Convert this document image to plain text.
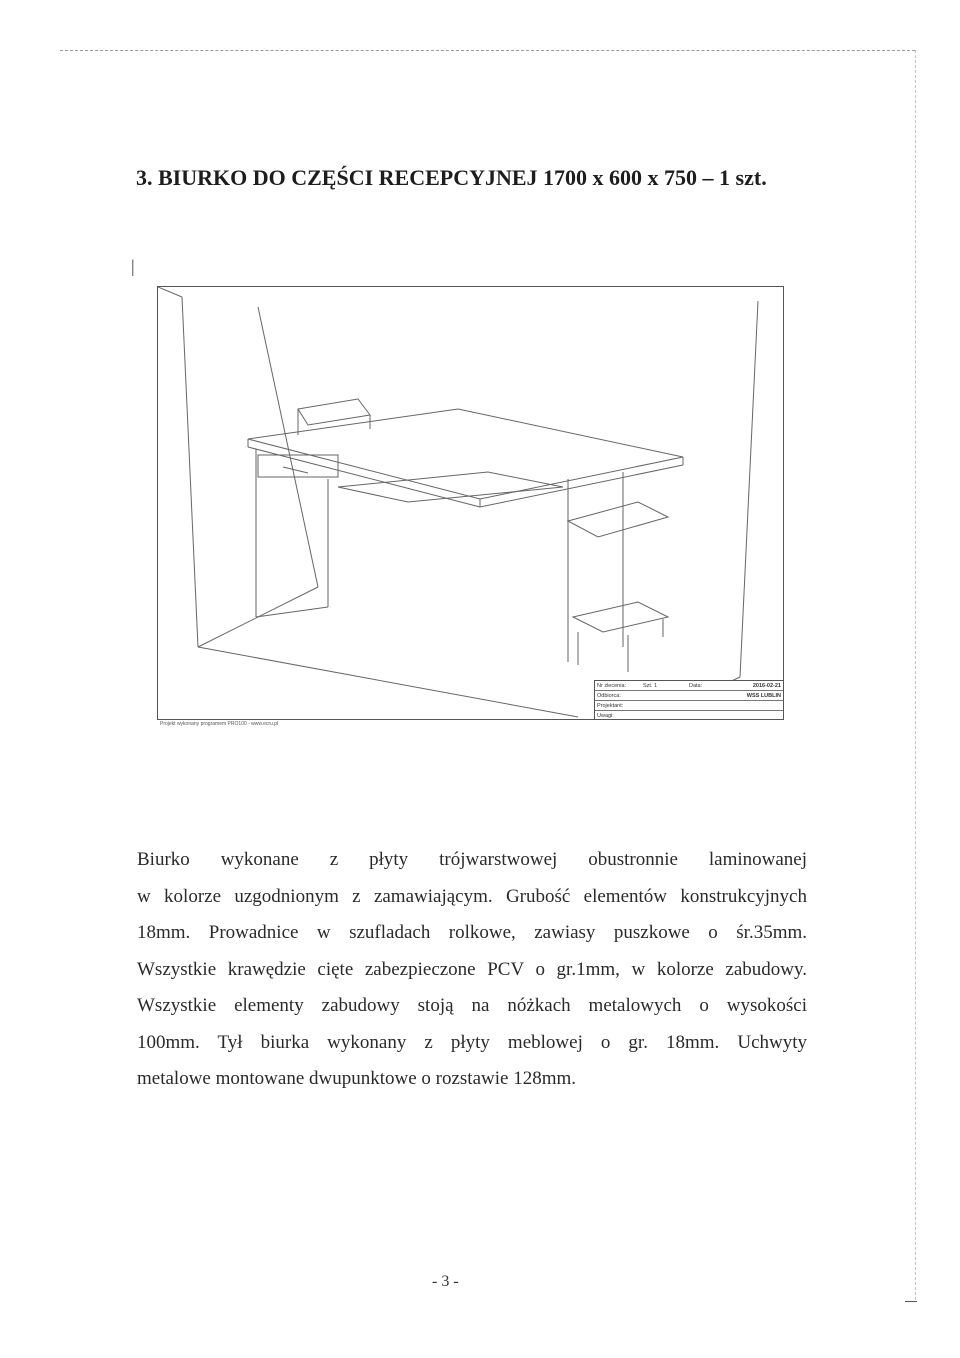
3. BIURKO DO CZĘŚCI RECEPCYJNEJ 1700 x 600 x 750 – 1 szt.
|
Nr zlecenia:	Szt. 1	Data:	2016-02-21
Odbiorca:	WSS LUBLIN
Projektant:
Uwagi:
Projekt wykonany programem PRO100 - www.ecru.pl
Biurko wykonane z płyty trójwarstwowej obustronnie laminowanej
w kolorze uzgodnionym z zamawiającym. Grubość elementów konstrukcyjnych
18mm. Prowadnice w szufladach rolkowe, zawiasy puszkowe o śr.35mm.
Wszystkie krawędzie cięte zabezpieczone PCV o gr.1mm, w kolorze zabudowy.
Wszystkie elementy zabudowy stoją na nóżkach metalowych o wysokości
100mm. Tył biurka wykonany z płyty meblowej o gr. 18mm. Uchwyty
metalowe montowane dwupunktowe o rozstawie 128mm.
- 3 -
